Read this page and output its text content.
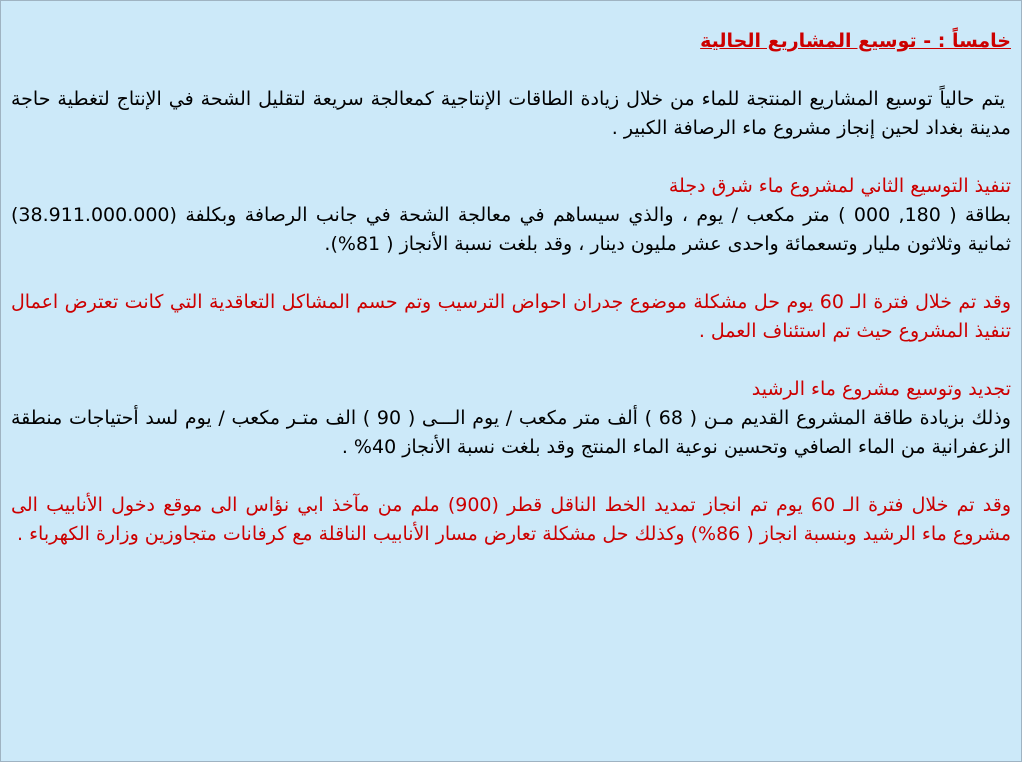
خامساً : - توسيع المشاريع الحالية

يتم حالياً توسيع المشاريع المنتجة للماء من خلال زيادة الطاقات الإنتاجية كمعالجة سريعة لتقليل الشحة في الإنتاج لتغطية حاجة مدينة بغداد لحين إنجاز مشروع ماء الرصافة الكبير .

تنفيذ التوسيع الثاني لمشروع ماء شرق دجلة

بطاقة ( 180, 000 ) متر مكعب / يوم ، والذي سيساهم في معالجة الشحة في جانب الرصافة وبكلفة (38.911.000.000) ثمانية وثلاثون مليار وتسعمائة واحدى عشر مليون دينار ، وقد بلغت نسبة الأنجاز ( 81%).

وقد تم خلال فترة الـ 60 يوم حل مشكلة موضوع جدران احواض الترسيب وتم حسم المشاكل التعاقدية التي كانت تعترض اعمال تنفيذ المشروع حيث تم استئناف العمل .

تجديد وتوسيع مشروع ماء الرشيد

وذلك بزيادة طاقة المشروع القديم مـن ( 68 ) ألف متر مكعب / يوم الـــى ( 90 ) الف متـر مكعب / يوم لسد أحتياجات منطقة الزعفرانية من الماء الصافي وتحسين نوعية الماء المنتج وقد بلغت نسبة الأنجاز 40% .

وقد تم خلال فترة الـ 60 يوم تم انجاز تمديد الخط الناقل قطر (900) ملم من مآخذ ابي نؤاس الى موقع دخول الأنابيب الى مشروع ماء الرشيد وبنسبة انجاز ( 86%) وكذلك حل مشكلة تعارض مسار الأنابيب الناقلة مع كرفانات متجاوزين وزارة الكهرباء .
